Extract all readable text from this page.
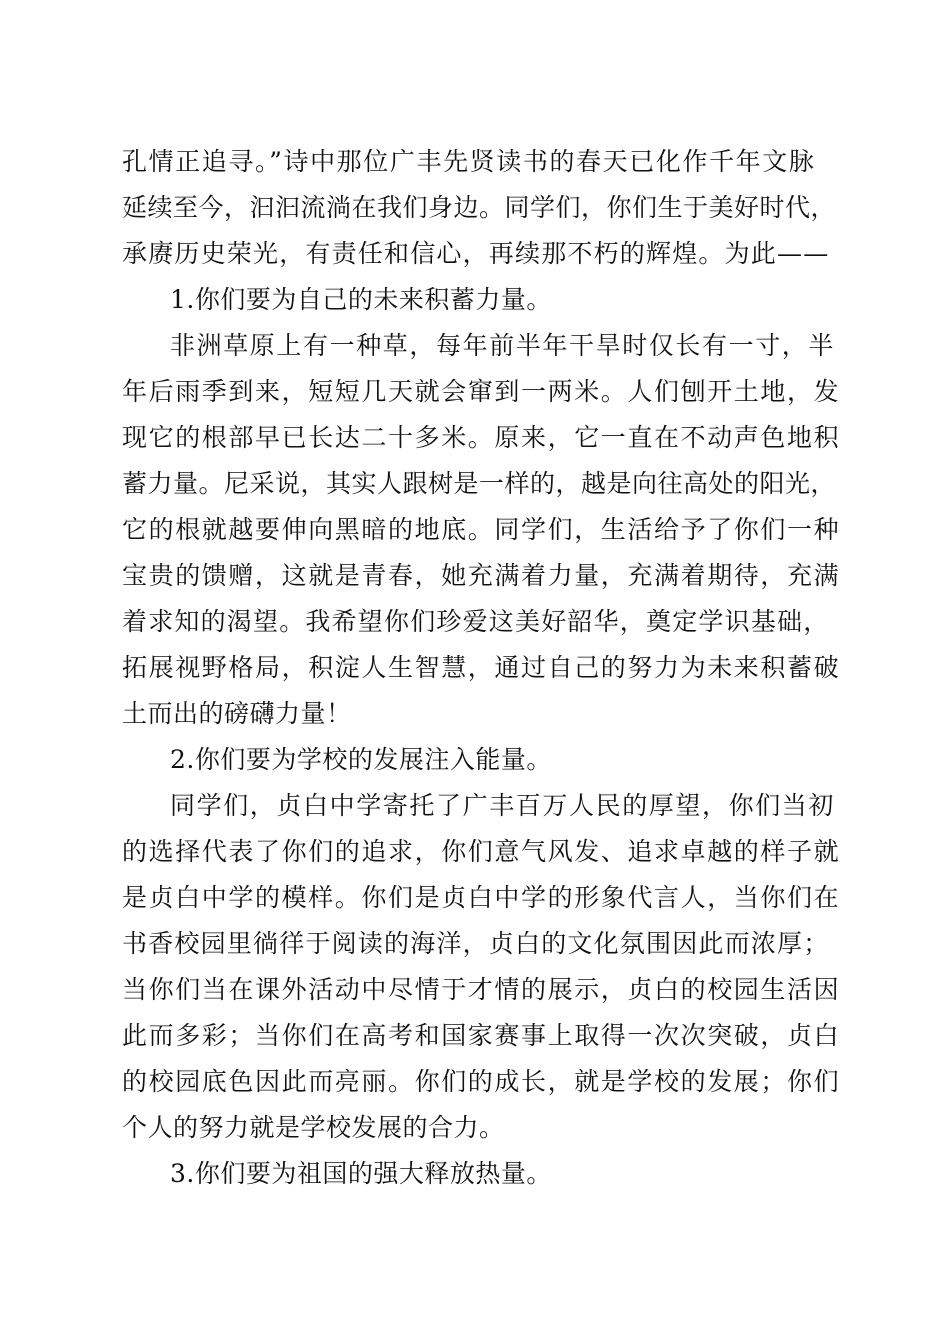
孔情正追寻。”诗中那位广丰先贤读书的春天已化作千年文脉
延续至今，汩汩流淌在我们身边。同学们，你们生于美好时代，
承赓历史荣光，有责任和信心，再续那不朽的辉煌。为此——
1.你们要为自己的未来积蓄力量。
非洲草原上有一种草，每年前半年干旱时仅长有一寸，半
年后雨季到来，短短几天就会窜到一两米。人们刨开土地，发
现它的根部早已长达二十多米。原来，它一直在不动声色地积
蓄力量。尼采说，其实人跟树是一样的，越是向往高处的阳光，
它的根就越要伸向黑暗的地底。同学们，生活给予了你们一种
宝贵的馈赠，这就是青春，她充满着力量，充满着期待，充满
着求知的渴望。我希望你们珍爱这美好韶华，奠定学识基础，
拓展视野格局，积淀人生智慧，通过自己的努力为未来积蓄破
土而出的磅礴力量！
2.你们要为学校的发展注入能量。
同学们，贞白中学寄托了广丰百万人民的厚望，你们当初
的选择代表了你们的追求，你们意气风发、追求卓越的样子就
是贞白中学的模样。你们是贞白中学的形象代言人，当你们在
书香校园里徜徉于阅读的海洋，贞白的文化氛围因此而浓厚；
当你们当在课外活动中尽情于才情的展示，贞白的校园生活因
此而多彩；当你们在高考和国家赛事上取得一次次突破，贞白
的校园底色因此而亮丽。你们的成长，就是学校的发展；你们
个人的努力就是学校发展的合力。
3.你们要为祖国的强大释放热量。
